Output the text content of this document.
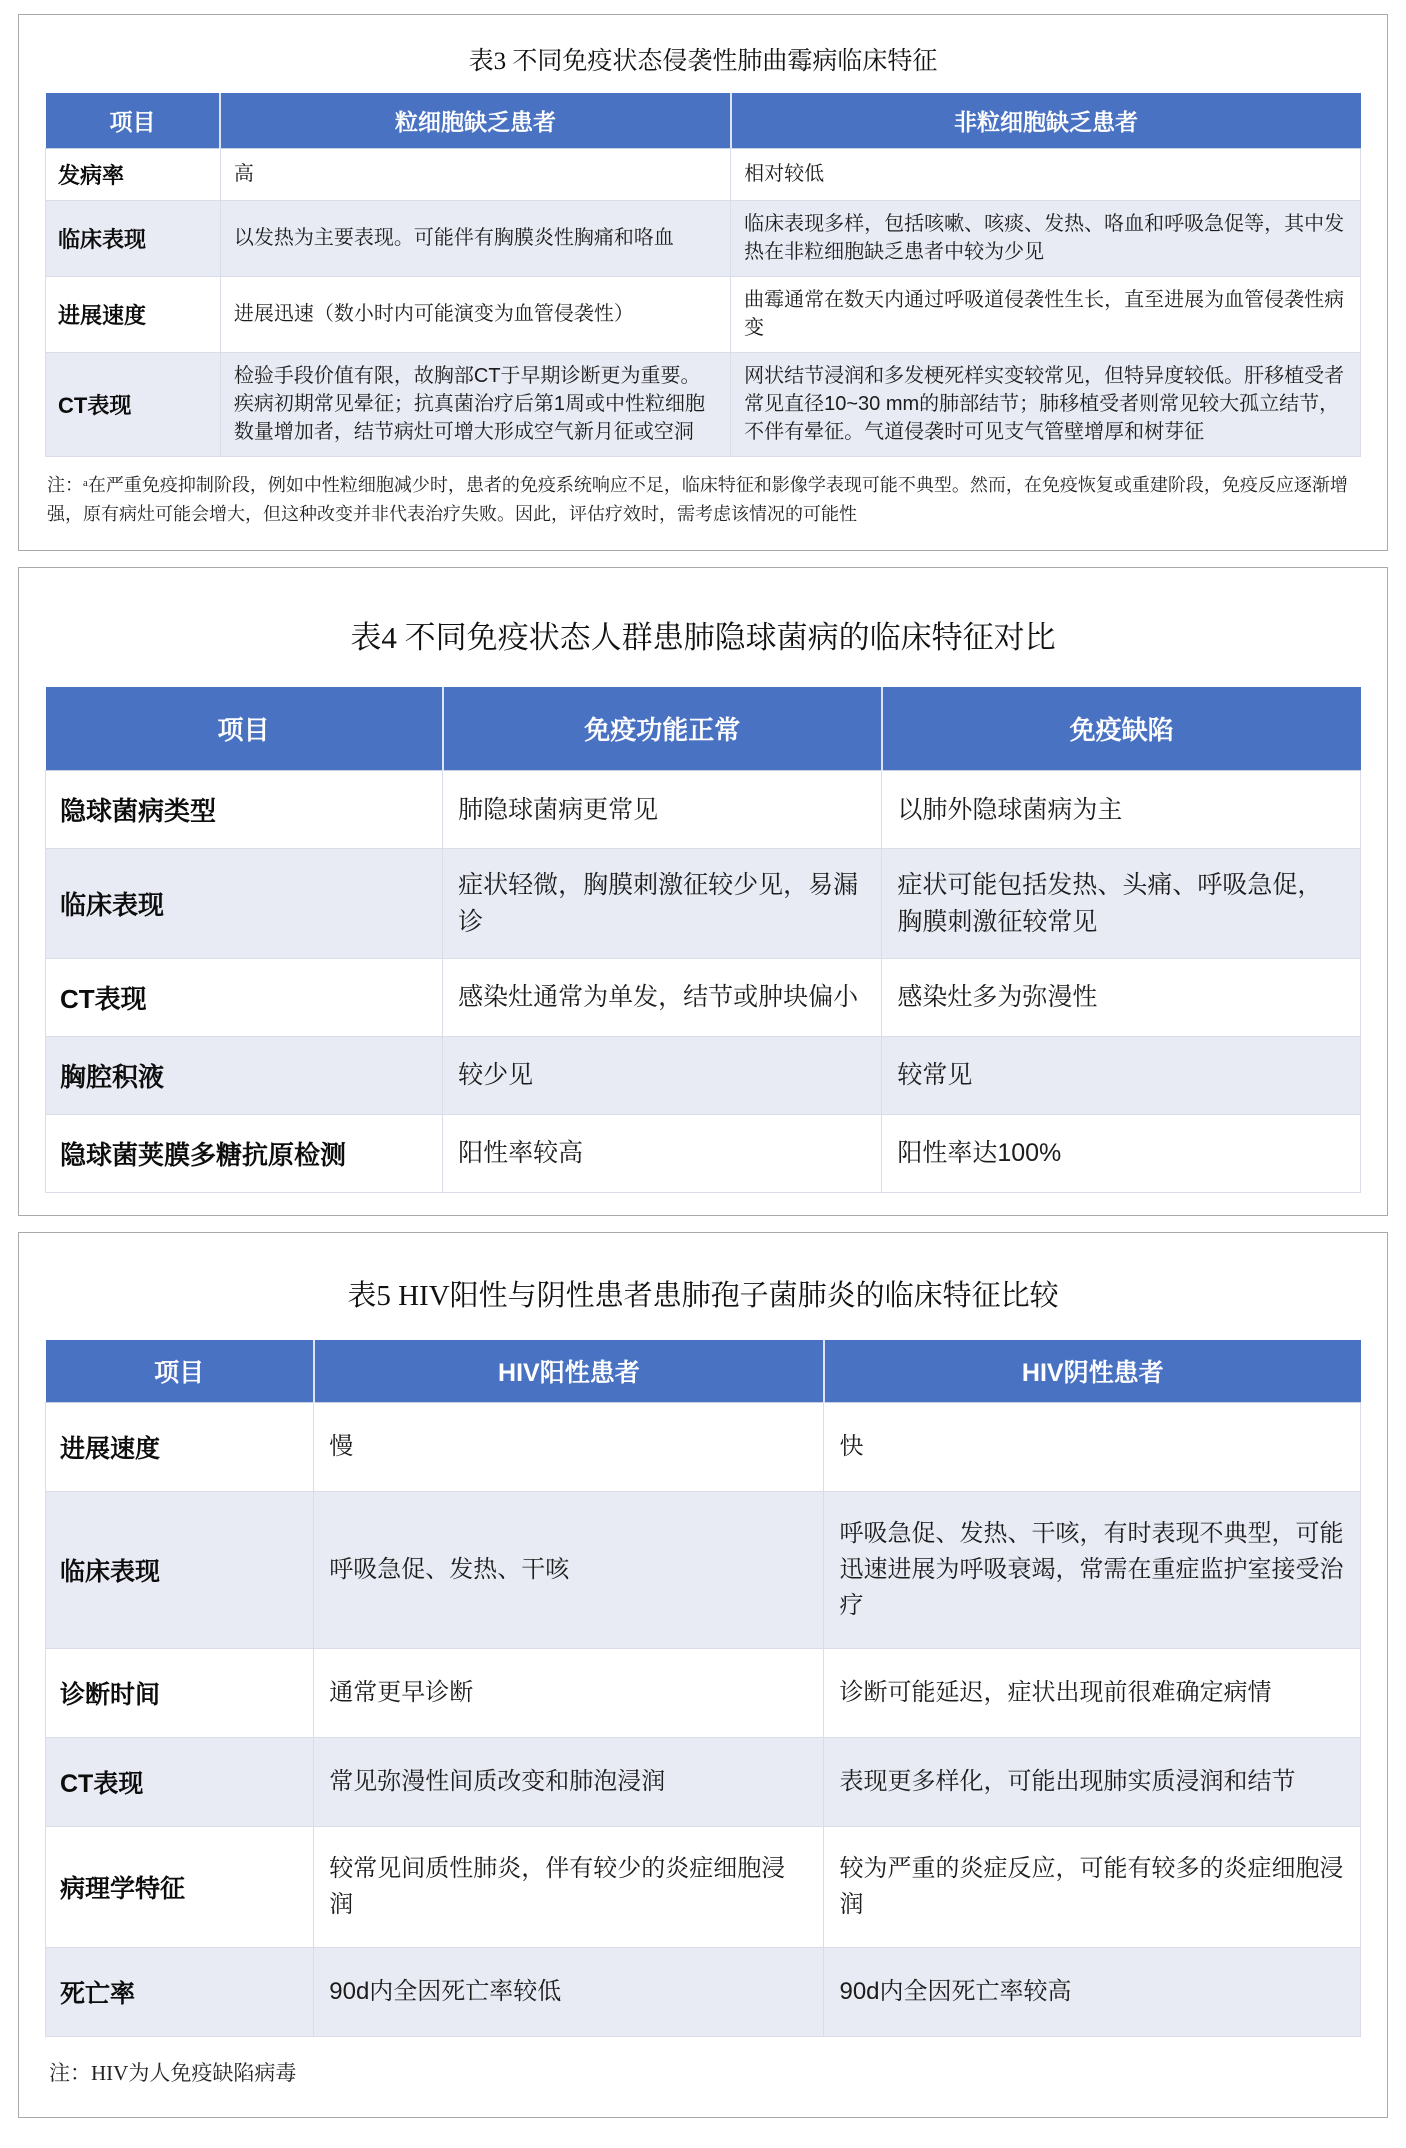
表3 不同免疫状态侵袭性肺曲霉病临床特征
项目	粒细胞缺乏患者	非粒细胞缺乏患者
发病率	高	相对较低
临床表现	以发热为主要表现。可能伴有胸膜炎性胸痛和咯血	临床表现多样，包括咳嗽、咳痰、发热、咯血和呼吸急促等，其中发热在非粒细胞缺乏患者中较为少见
进展速度	进展迅速（数小时内可能演变为血管侵袭性）	曲霉通常在数天内通过呼吸道侵袭性生长，直至进展为血管侵袭性病变
CT表现	检验手段价值有限，故胸部CT于早期诊断更为重要。疾病初期常见晕征；抗真菌治疗后第1周或中性粒细胞数量增加者，结节病灶可增大形成空气新月征或空洞	网状结节浸润和多发梗死样实变较常见，但特异度较低。肝移植受者常见直径10~30 mm的肺部结节；肺移植受者则常见较大孤立结节，不伴有晕征。气道侵袭时可见支气管壁增厚和树芽征
注：ᵃ在严重免疫抑制阶段，例如中性粒细胞减少时，患者的免疫系统响应不足，临床特征和影像学表现可能不典型。然而，在免疫恢复或重建阶段，免疫反应逐渐增强，原有病灶可能会增大，但这种改变并非代表治疗失败。因此，评估疗效时，需考虑该情况的可能性
表4 不同免疫状态人群患肺隐球菌病的临床特征对比
项目	免疫功能正常	免疫缺陷
隐球菌病类型	肺隐球菌病更常见	以肺外隐球菌病为主
临床表现	症状轻微，胸膜刺激征较少见，易漏诊	症状可能包括发热、头痛、呼吸急促，胸膜刺激征较常见
CT表现	感染灶通常为单发，结节或肿块偏小	感染灶多为弥漫性
胸腔积液	较少见	较常见
隐球菌荚膜多糖抗原检测	阳性率较高	阳性率达100%
表5 HIV阳性与阴性患者患肺孢子菌肺炎的临床特征比较
项目	HIV阳性患者	HIV阴性患者
进展速度	慢	快
临床表现	呼吸急促、发热、干咳	呼吸急促、发热、干咳，有时表现不典型，可能迅速进展为呼吸衰竭，常需在重症监护室接受治疗
诊断时间	通常更早诊断	诊断可能延迟，症状出现前很难确定病情
CT表现	常见弥漫性间质改变和肺泡浸润	表现更多样化，可能出现肺实质浸润和结节
病理学特征	较常见间质性肺炎，伴有较少的炎症细胞浸润	较为严重的炎症反应，可能有较多的炎症细胞浸润
死亡率	90d内全因死亡率较低	90d内全因死亡率较高
注：HIV为人免疫缺陷病毒
